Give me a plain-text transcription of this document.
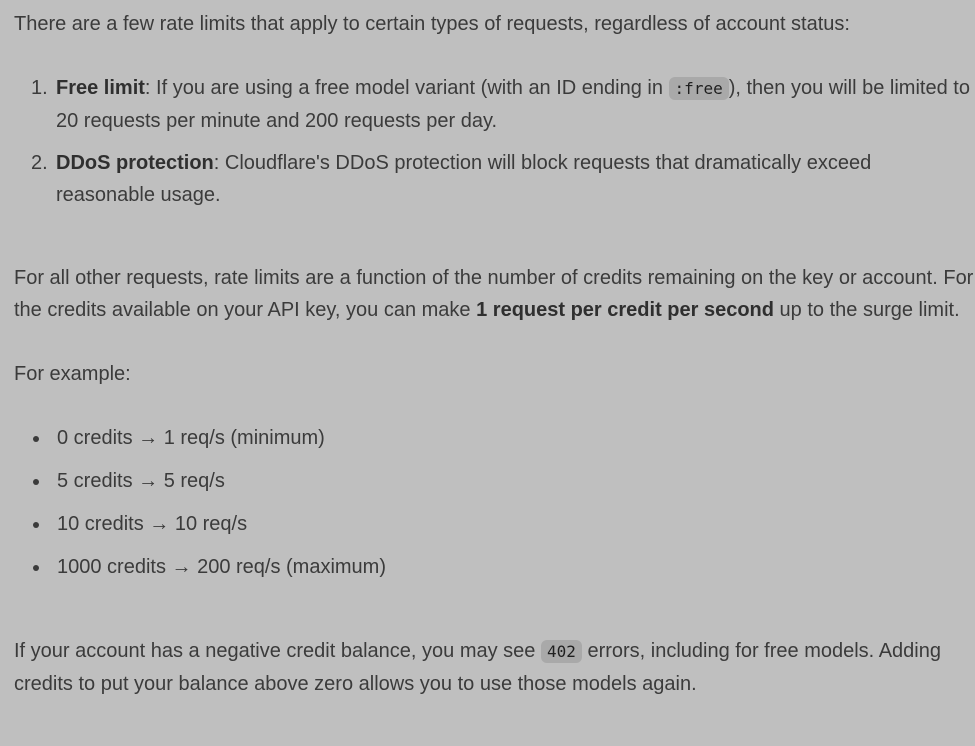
There are a few rate limits that apply to certain types of requests, regardless of account status:

1. Free limit: If you are using a free model variant (with an ID ending in :free ), then you will be limited to 20 requests per minute and 200 requests per day.
2. DDoS protection: Cloudflare's DDoS protection will block requests that dramatically exceed reasonable usage.

For all other requests, rate limits are a function of the number of credits remaining on the key or account. For the credits available on your API key, you can make 1 request per credit per second up to the surge limit.

For example:

0 credits → 1 req/s (minimum)
5 credits → 5 req/s
10 credits → 10 req/s
1000 credits → 200 req/s (maximum)

If your account has a negative credit balance, you may see 402 errors, including for free models. Adding credits to put your balance above zero allows you to use those models again.
